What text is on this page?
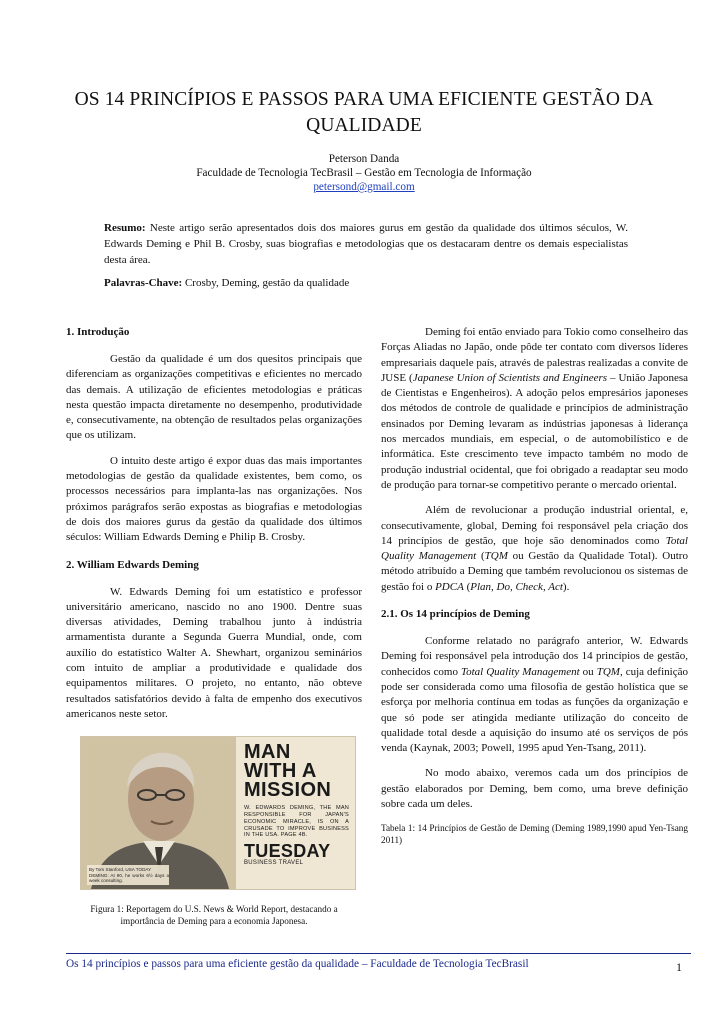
OS 14 PRINCÍPIOS E PASSOS PARA UMA EFICIENTE GESTÃO DA QUALIDADE
Peterson Danda
Faculdade de Tecnologia TecBrasil – Gestão em Tecnologia de Informação
petersond@gmail.com
Resumo: Neste artigo serão apresentados dois dos maiores gurus em gestão da qualidade dos últimos séculos, W. Edwards Deming e Phil B. Crosby, suas biografias e metodologias que os destacaram dentre os demais especialistas desta área.
Palavras-Chave: Crosby, Deming, gestão da qualidade
1. Introdução

Gestão da qualidade é um dos quesitos principais que diferenciam as organizações competitivas e eficientes no mercado das demais. A utilização de eficientes metodologias e práticas nesta questão impacta diretamente no desempenho, produtividade e, consecutivamente, na obtenção de resultados pelas organizações que os utilizam.

O intuito deste artigo é expor duas das mais importantes metodologias de gestão da qualidade existentes, bem como, os processos necessários para implanta-las nas organizações. Nos próximos parágrafos serão expostas as biografias e metodologias de dois dos maiores gurus da gestão da qualidade dos últimos séculos: William Edwards Deming e Philip B. Crosby.

2. William Edwards Deming

W. Edwards Deming foi um estatístico e professor universitário americano, nascido no ano 1900. Dentre suas diversas atividades, Deming trabalhou junto à indústria armamentista durante a Segunda Guerra Mundial, onde, com auxílio do estatístico Walter A. Shewhart, organizou seminários com intuito de ampliar a produtividade e qualidade dos equipamentos militares. O projeto, no entanto, não obteve resultados satisfatórios devido à falta de empenho dos executivos americanos neste setor.

By Tom Stanford, USA TODAY
DEMING: At 90, he works 6½ days a week consulting.
MAN
WITH A
MISSION
W. EDWARDS DEMING, THE MAN RESPONSIBLE FOR JAPAN'S ECONOMIC MIRACLE, IS ON A CRUSADE TO IMPROVE BUSINESS IN THE USA. PAGE 4B.
TUESDAY
BUSINESS TRAVEL
Figura 1: Reportagem do U.S. News & World Report, destacando a importância de Deming para a economia Japonesa.

Deming foi então enviado para Tokio como conselheiro das Forças Aliadas no Japão, onde pôde ter contato com diversos líderes empresariais daquele país, através de palestras realizadas a convite de JUSE (Japanese Union of Scientists and Engineers – União Japonesa de Cientistas e Engenheiros). A adoção pelos empresários japoneses dos métodos de controle de qualidade e princípios de administração ensinados por Deming levaram as indústrias japonesas à liderança nos mercados mundiais, em especial, o de automobilístico e de informática. Este crescimento teve impacto também no modo de produção industrial ocidental, que foi obrigado a readaptar seu modo de produção para tornar-se competitivo perante o mercado oriental.

Além de revolucionar a produção industrial oriental, e, consecutivamente, global, Deming foi responsável pela criação dos 14 princípios de gestão, que hoje são denominados como Total Quality Management (TQM ou Gestão da Qualidade Total). Outro método atribuído a Deming que também revolucionou os sistemas de gestão foi o PDCA (Plan, Do, Check, Act).

2.1. Os 14 princípios de Deming

Conforme relatado no parágrafo anterior, W. Edwards Deming foi responsável pela introdução dos 14 princípios de gestão, conhecidos como Total Quality Management ou TQM, cuja definição pode ser considerada como uma filosofia de gestão holística que se esforça por melhoria contínua em todas as funções da organização e que só pode ser atingida mediante utilização do conceito de qualidade total desde a aquisição do insumo até os serviços de pós venda (Kaynak, 2003; Powell, 1995 apud Yen-Tsang, 2011).

No modo abaixo, veremos cada um dos princípios de gestão elaborados por Deming, bem como, uma breve definição sobre cada um deles.

Tabela 1: 14 Princípios de Gestão de Deming (Deming 1989,1990 apud Yen-Tsang 2011)
Os 14 princípios e passos para uma eficiente gestão da qualidade – Faculdade de Tecnologia TecBrasil	1
